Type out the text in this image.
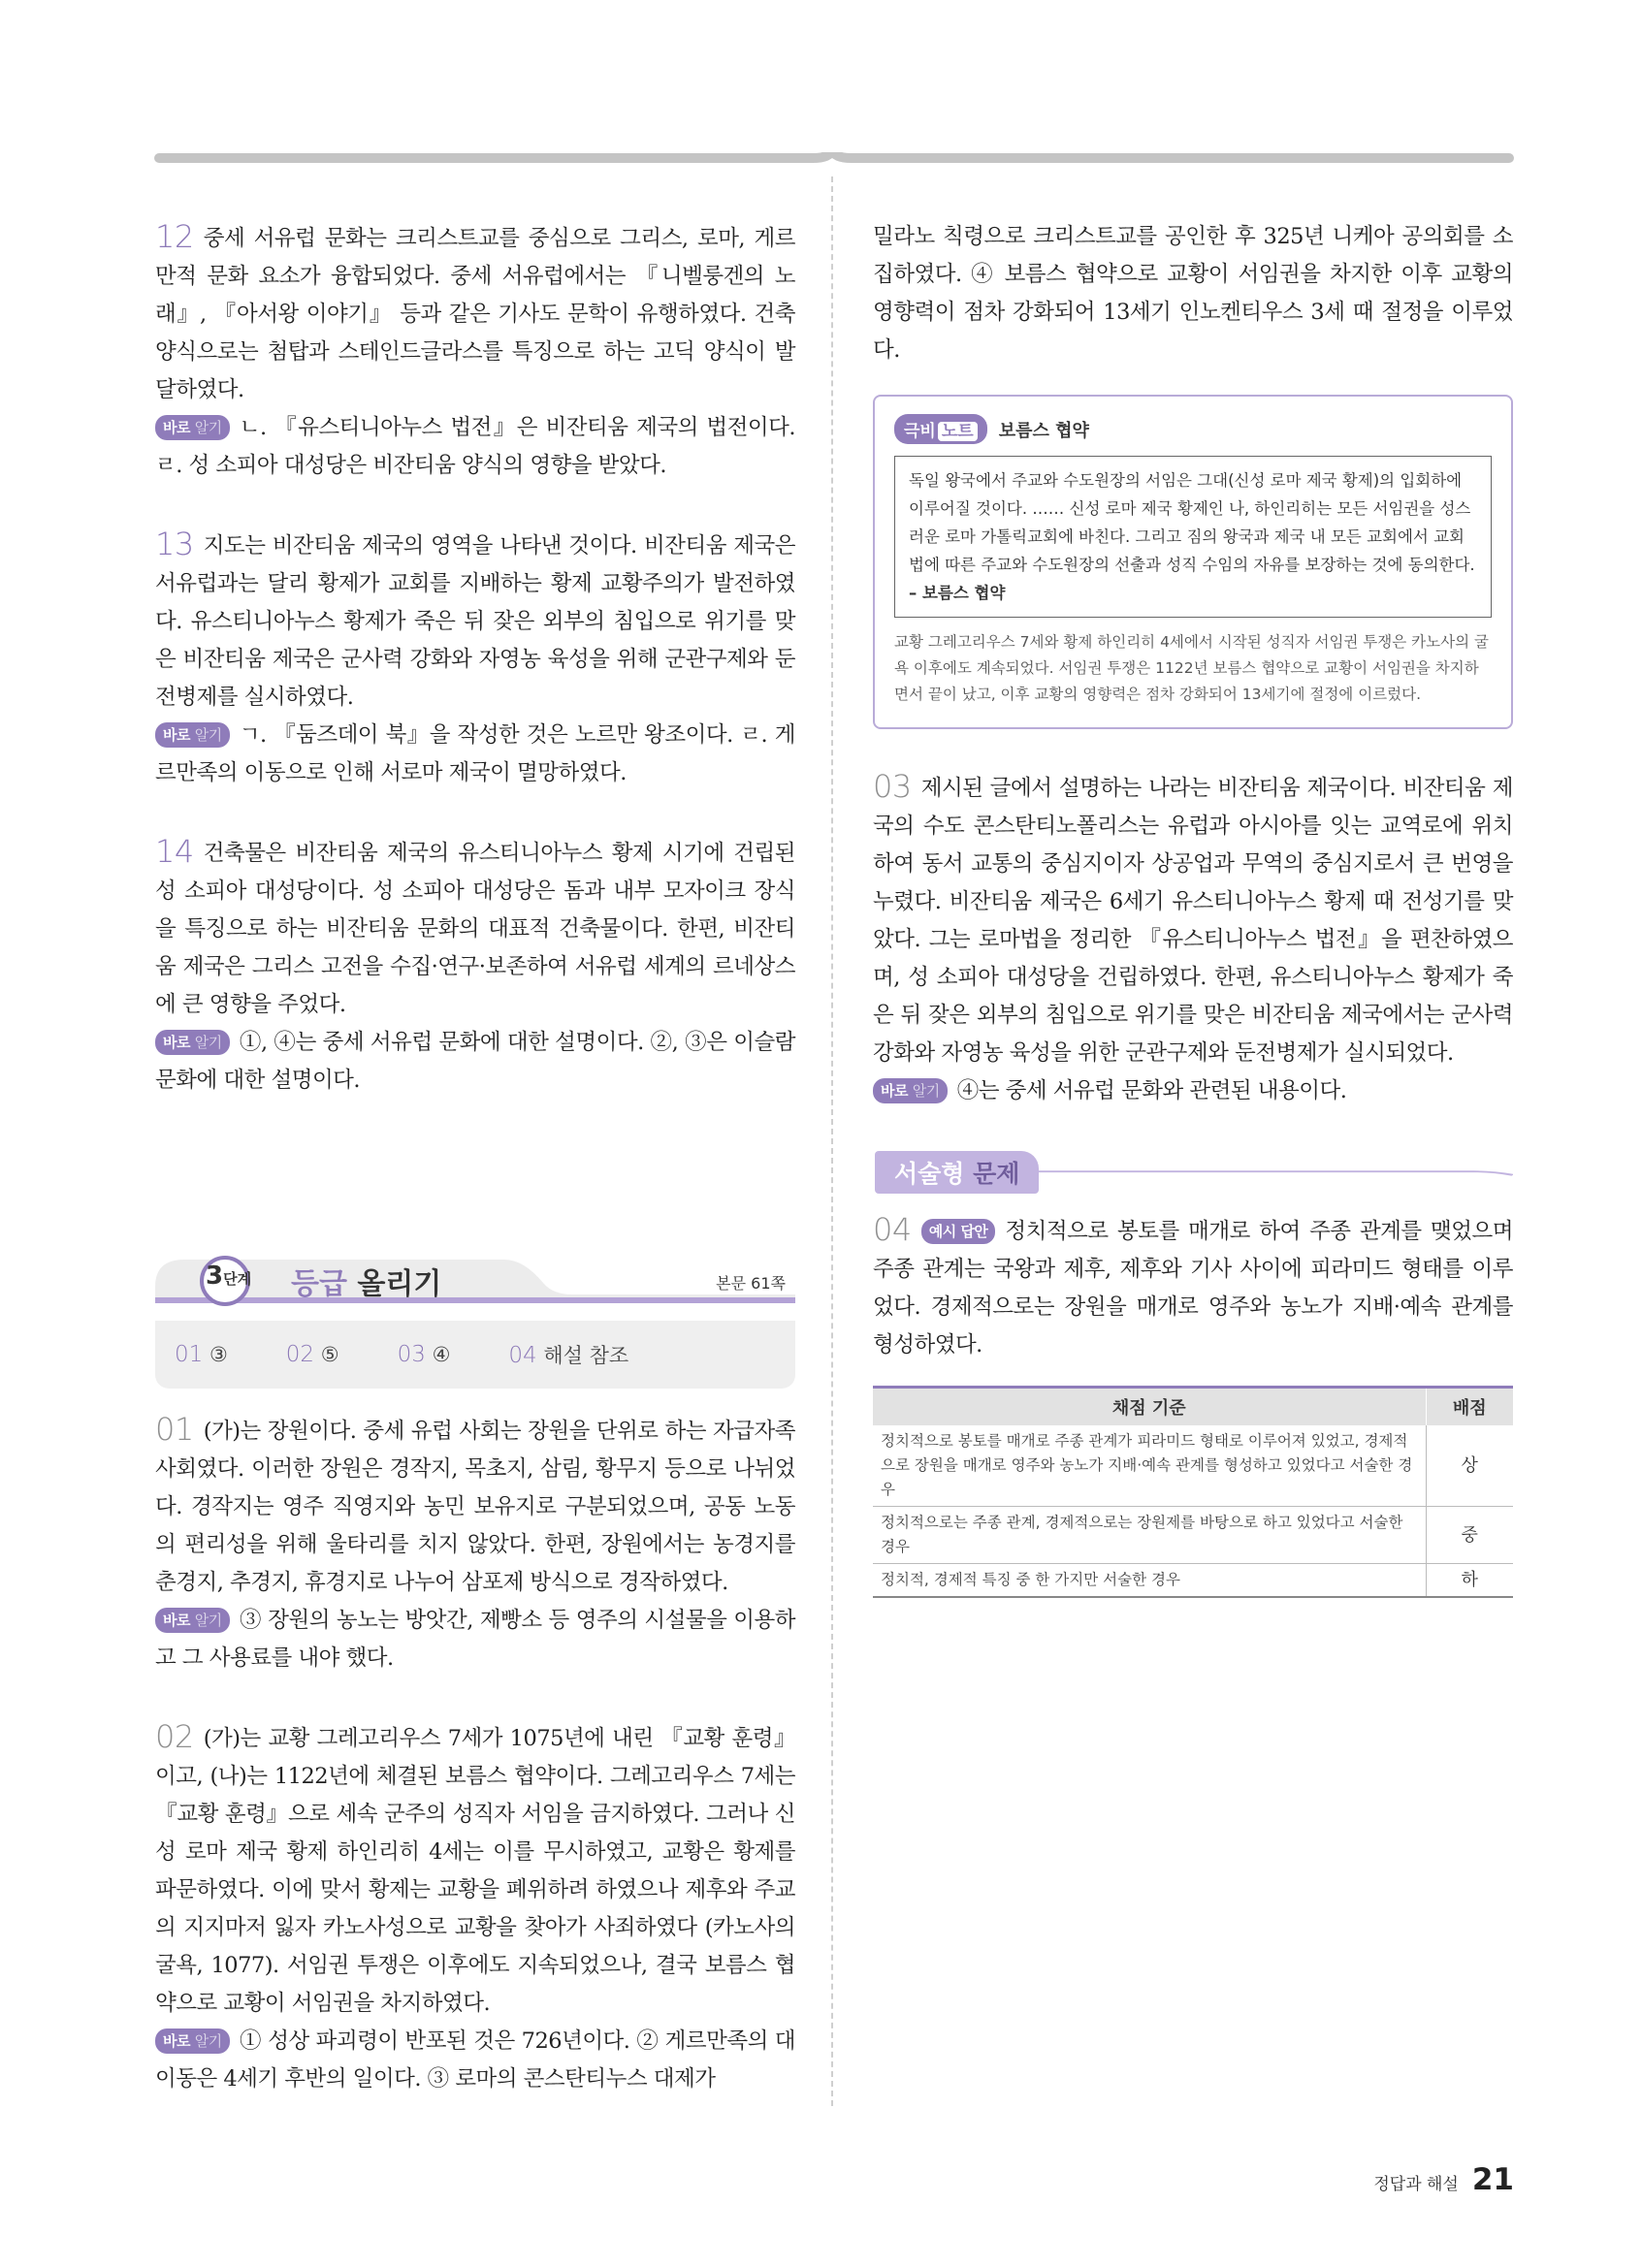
12 중세 서유럽 문화는 크리스트교를 중심으로 그리스, 로마, 게르만적 문화 요소가 융합되었다. 중세 서유럽에서는 『니벨룽겐의 노래』, 『아서왕 이야기』 등과 같은 기사도 문학이 유행하였다. 건축 양식으로는 첨탑과 스테인드글라스를 특징으로 하는 고딕 양식이 발달하였다.
바로 알기 ㄴ. 『유스티니아누스 법전』은 비잔티움 제국의 법전이다. ㄹ. 성 소피아 대성당은 비잔티움 양식의 영향을 받았다.

13 지도는 비잔티움 제국의 영역을 나타낸 것이다. 비잔티움 제국은 서유럽과는 달리 황제가 교회를 지배하는 황제 교황주의가 발전하였다. 유스티니아누스 황제가 죽은 뒤 잦은 외부의 침입으로 위기를 맞은 비잔티움 제국은 군사력 강화와 자영농 육성을 위해 군관구제와 둔전병제를 실시하였다.
바로 알기 ㄱ. 『둠즈데이 북』을 작성한 것은 노르만 왕조이다. ㄹ. 게르만족의 이동으로 인해 서로마 제국이 멸망하였다.

14 건축물은 비잔티움 제국의 유스티니아누스 황제 시기에 건립된 성 소피아 대성당이다. 성 소피아 대성당은 돔과 내부 모자이크 장식을 특징으로 하는 비잔티움 문화의 대표적 건축물이다. 한편, 비잔티움 제국은 그리스 고전을 수집·연구·보존하여 서유럽 세계의 르네상스에 큰 영향을 주었다.
바로 알기 ①, ④는 중세 서유럽 문화에 대한 설명이다. ②, ③은 이슬람 문화에 대한 설명이다.

3단계 등급 올리기	본문 61쪽
01 ③	02 ⑤	03 ④	04 해설 참조

01 (가)는 장원이다. 중세 유럽 사회는 장원을 단위로 하는 자급자족 사회였다. 이러한 장원은 경작지, 목초지, 삼림, 황무지 등으로 나뉘었다. 경작지는 영주 직영지와 농민 보유지로 구분되었으며, 공동 노동의 편리성을 위해 울타리를 치지 않았다. 한편, 장원에서는 농경지를 춘경지, 추경지, 휴경지로 나누어 삼포제 방식으로 경작하였다.
바로 알기 ③ 장원의 농노는 방앗간, 제빵소 등 영주의 시설물을 이용하고 그 사용료를 내야 했다.

02 (가)는 교황 그레고리우스 7세가 1075년에 내린 『교황 훈령』이고, (나)는 1122년에 체결된 보름스 협약이다. 그레고리우스 7세는 『교황 훈령』으로 세속 군주의 성직자 서임을 금지하였다. 그러나 신성 로마 제국 황제 하인리히 4세는 이를 무시하였고, 교황은 황제를 파문하였다. 이에 맞서 황제는 교황을 폐위하려 하였으나 제후와 주교의 지지마저 잃자 카노사성으로 교황을 찾아가 사죄하였다 (카노사의 굴욕, 1077). 서임권 투쟁은 이후에도 지속되었으나, 결국 보름스 협약으로 교황이 서임권을 차지하였다.
바로 알기 ① 성상 파괴령이 반포된 것은 726년이다. ② 게르만족의 대이동은 4세기 후반의 일이다. ③ 로마의 콘스탄티누스 대제가

밀라노 칙령으로 크리스트교를 공인한 후 325년 니케아 공의회를 소집하였다. ④ 보름스 협약으로 교황이 서임권을 차지한 이후 교황의 영향력이 점차 강화되어 13세기 인노켄티우스 3세 때 절정을 이루었다.

극비 노트	보름스 협약
독일 왕국에서 주교와 수도원장의 서임은 그대(신성 로마 제국 황제)의 입회하에 이루어질 것이다. …… 신성 로마 제국 황제인 나, 하인리히는 모든 서임권을 성스러운 로마 가톨릭교회에 바친다. 그리고 짐의 왕국과 제국 내 모든 교회에서 교회법에 따른 주교와 수도원장의 선출과 성직 수임의 자유를 보장하는 것에 동의한다. – 보름스 협약
교황 그레고리우스 7세와 황제 하인리히 4세에서 시작된 성직자 서임권 투쟁은 카노사의 굴욕 이후에도 계속되었다. 서임권 투쟁은 1122년 보름스 협약으로 교황이 서임권을 차지하면서 끝이 났고, 이후 교황의 영향력은 점차 강화되어 13세기에 절정에 이르렀다.

03 제시된 글에서 설명하는 나라는 비잔티움 제국이다. 비잔티움 제국의 수도 콘스탄티노폴리스는 유럽과 아시아를 잇는 교역로에 위치하여 동서 교통의 중심지이자 상공업과 무역의 중심지로서 큰 번영을 누렸다. 비잔티움 제국은 6세기 유스티니아누스 황제 때 전성기를 맞았다. 그는 로마법을 정리한 『유스티니아누스 법전』을 편찬하였으며, 성 소피아 대성당을 건립하였다. 한편, 유스티니아누스 황제가 죽은 뒤 잦은 외부의 침입으로 위기를 맞은 비잔티움 제국에서는 군사력 강화와 자영농 육성을 위한 군관구제와 둔전병제가 실시되었다.
바로 알기 ④는 중세 서유럽 문화와 관련된 내용이다.

서술형 문제

04 예시 답안 정치적으로 봉토를 매개로 하여 주종 관계를 맺었으며 주종 관계는 국왕과 제후, 제후와 기사 사이에 피라미드 형태를 이루었다. 경제적으로는 장원을 매개로 영주와 농노가 지배·예속 관계를 형성하였다.

채점 기준	배점
정치적으로 봉토를 매개로 주종 관계가 피라미드 형태로 이루어져 있었고, 경제적으로 장원을 매개로 영주와 농노가 지배·예속 관계를 형성하고 있었다고 서술한 경우	상
정치적으로는 주종 관계, 경제적으로는 장원제를 바탕으로 하고 있었다고 서술한 경우	중
정치적, 경제적 특징 중 한 가지만 서술한 경우	하
정답과 해설 21
